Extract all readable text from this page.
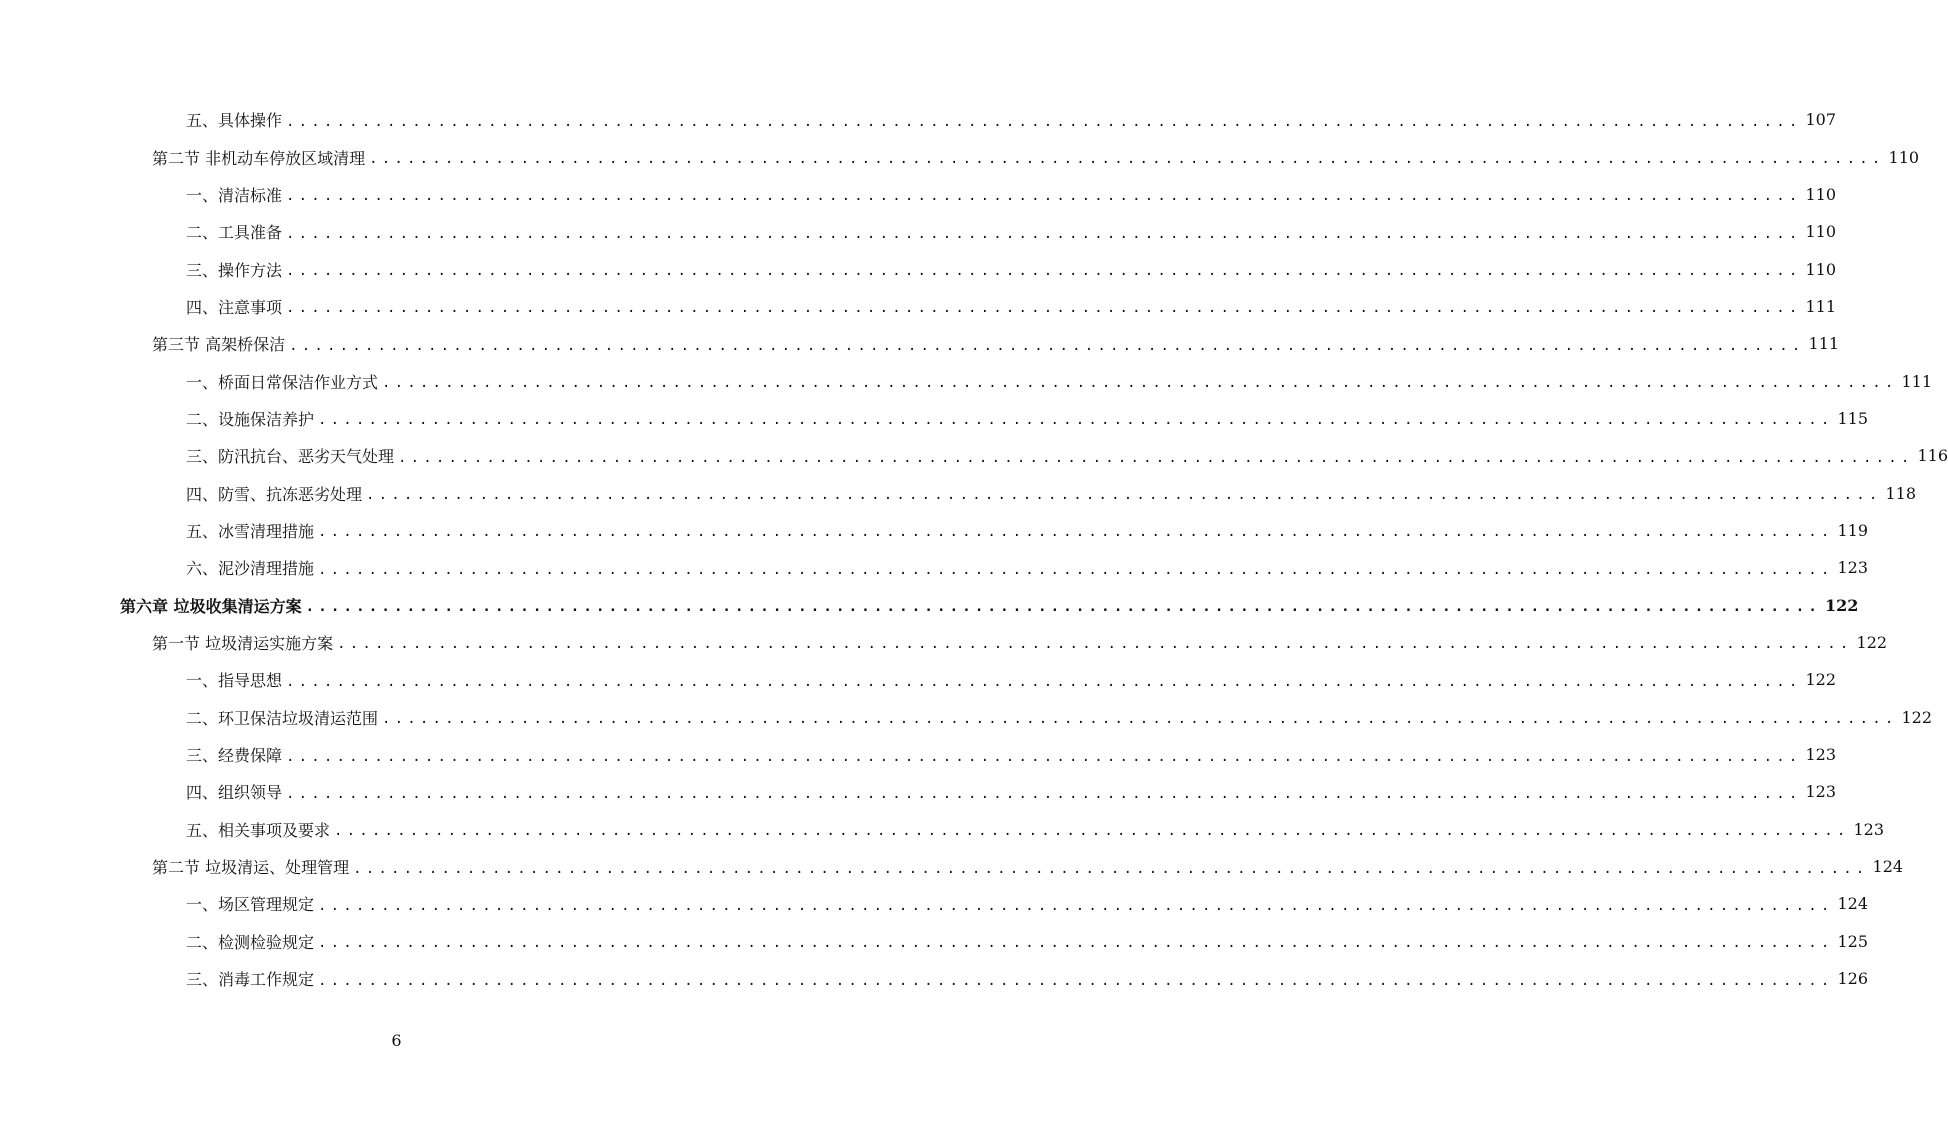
五、具体操作 ........................................................................................................................ 107
第二节 非机动车停放区域清理 ........................................................................................................................ 110
一、清洁标准 ........................................................................................................................ 110
二、工具准备 ........................................................................................................................ 110
三、操作方法 ........................................................................................................................ 110
四、注意事项 ........................................................................................................................ 111
第三节 高架桥保洁 ........................................................................................................................ 111
一、桥面日常保洁作业方式 ........................................................................................................................ 111
二、设施保洁养护 ........................................................................................................................ 115
三、防汛抗台、恶劣天气处理 ........................................................................................................................ 116
四、防雪、抗冻恶劣处理 ........................................................................................................................ 118
五、冰雪清理措施 ........................................................................................................................ 119
六、泥沙清理措施 ........................................................................................................................ 123
第六章 垃圾收集清运方案 ........................................................................................................................ 122
第一节 垃圾清运实施方案 ........................................................................................................................ 122
一、指导思想 ........................................................................................................................ 122
二、环卫保洁垃圾清运范围 ........................................................................................................................ 122
三、经费保障 ........................................................................................................................ 123
四、组织领导 ........................................................................................................................ 123
五、相关事项及要求 ........................................................................................................................ 123
第二节 垃圾清运、处理管理 ........................................................................................................................ 124
一、场区管理规定 ........................................................................................................................ 124
二、检测检验规定 ........................................................................................................................ 125
三、消毒工作规定 ........................................................................................................................ 126
6
